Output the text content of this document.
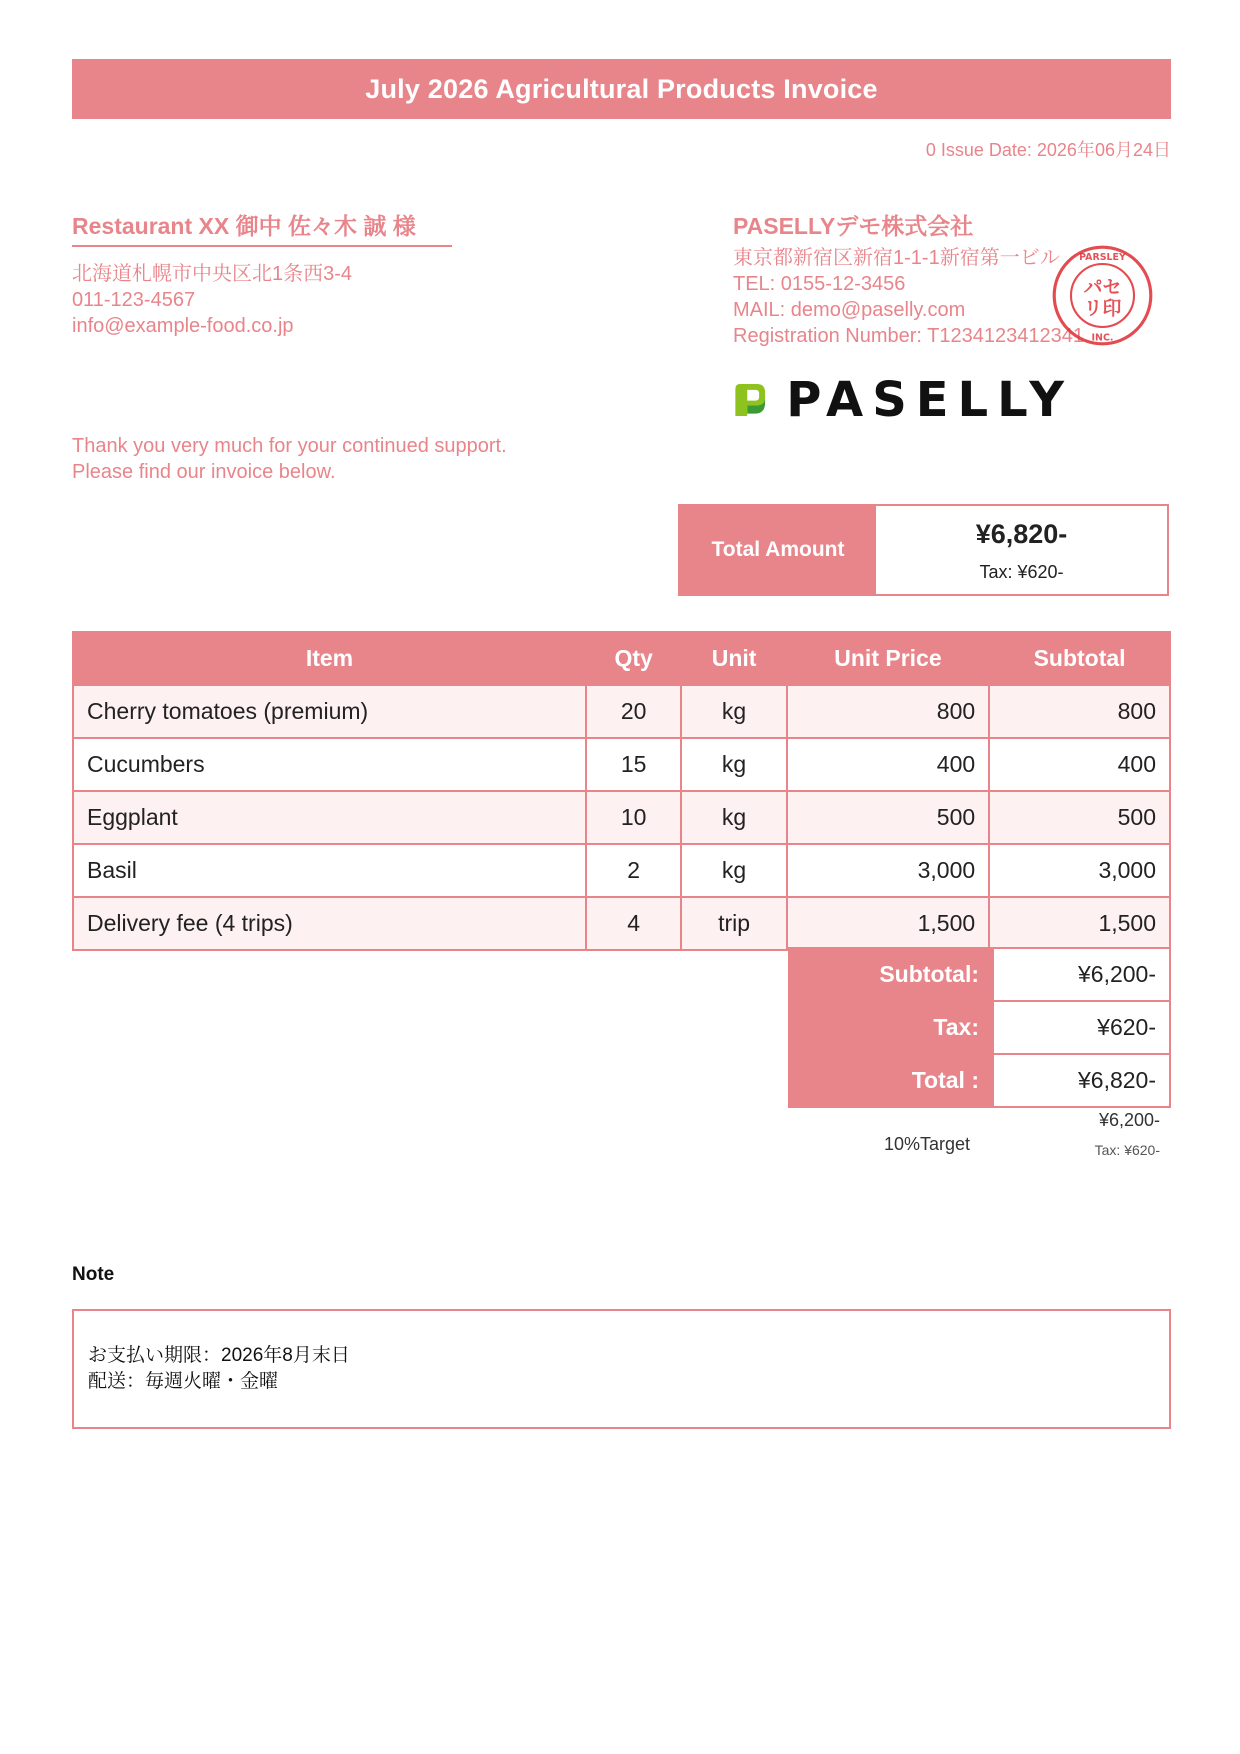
July 2026 Agricultural Products Invoice
0 Issue Date: 2026年06月24日
Restaurant XX 御中 佐々木 誠 様
北海道札幌市中央区北1条西3-4
011-123-4567
info@example-food.co.jp
Thank you very much for your continued support.
Please find our invoice below.
PASELLYデモ株式会社
東京都新宿区新宿1-1-1新宿第一ビル
TEL: 0155-12-3456
MAIL: demo@paselly.com
Registration Number: T1234123412341
パセ
リ印
PARSLEY
INC.
PASELLY
Total Amount
¥6,820-
Tax: ¥620-
Item	Qty	Unit	Unit Price	Subtotal
Cherry tomatoes (premium)	20	kg	800	800
Cucumbers	15	kg	400	400
Eggplant	10	kg	500	500
Basil	2	kg	3,000	3,000
Delivery fee (4 trips)	4	trip	1,500	1,500
Subtotal:	¥6,200-
Tax:	¥620-
Total :	¥6,820-
10%Target
¥6,200-
Tax: ¥620-
Note
お支払い期限：2026年8月末日
配送：毎週火曜・金曜
